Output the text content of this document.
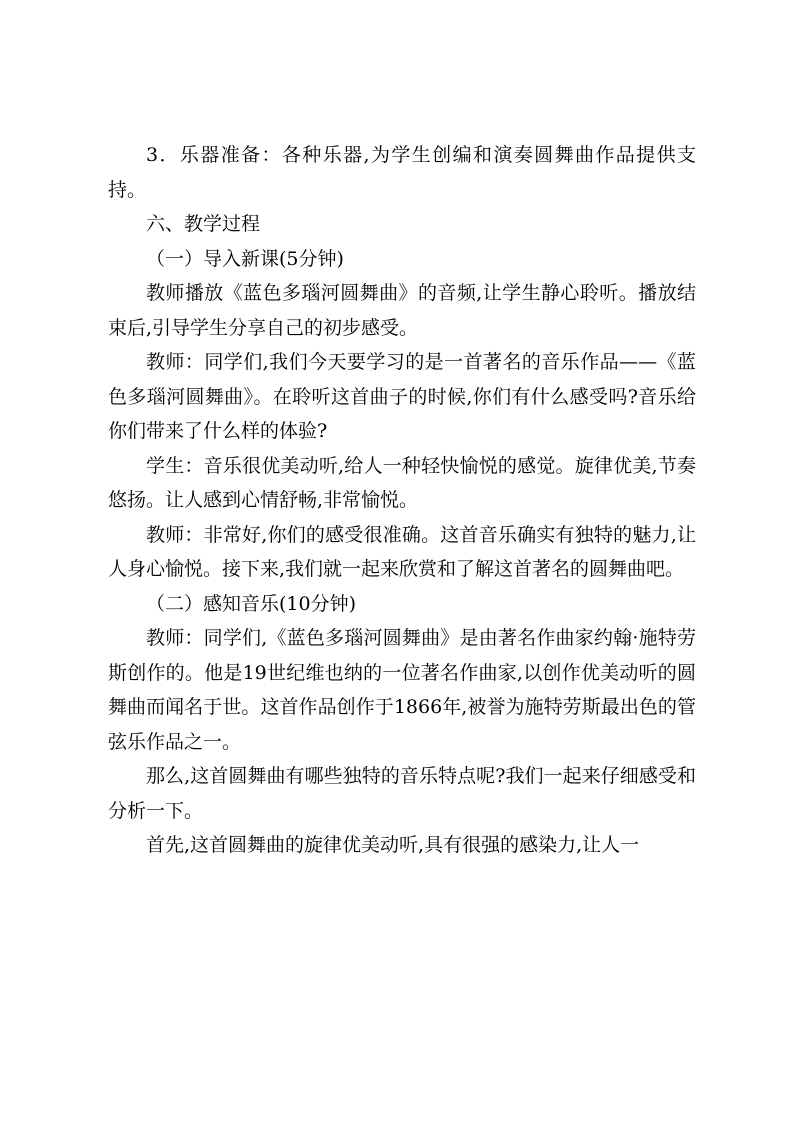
3．乐器准备：各种乐器,为学生创编和演奏圆舞曲作品提供支持。

六、教学过程

（一）导入新课(5分钟)

教师播放《蓝色多瑙河圆舞曲》的音频,让学生静心聆听。播放结束后,引导学生分享自己的初步感受。

教师：同学们,我们今天要学习的是一首著名的音乐作品——《蓝色多瑙河圆舞曲》。在聆听这首曲子的时候,你们有什么感受吗?音乐给你们带来了什么样的体验?

学生：音乐很优美动听,给人一种轻快愉悦的感觉。旋律优美,节奏悠扬。让人感到心情舒畅,非常愉悦。

教师：非常好,你们的感受很准确。这首音乐确实有独特的魅力,让人身心愉悦。接下来,我们就一起来欣赏和了解这首著名的圆舞曲吧。

（二）感知音乐(10分钟)

教师：同学们,《蓝色多瑙河圆舞曲》是由著名作曲家约翰·施特劳斯创作的。他是19世纪维也纳的一位著名作曲家,以创作优美动听的圆舞曲而闻名于世。这首作品创作于1866年,被誉为施特劳斯最出色的管弦乐作品之一。

那么,这首圆舞曲有哪些独特的音乐特点呢?我们一起来仔细感受和分析一下。

首先,这首圆舞曲的旋律优美动听,具有很强的感染力,让人一
